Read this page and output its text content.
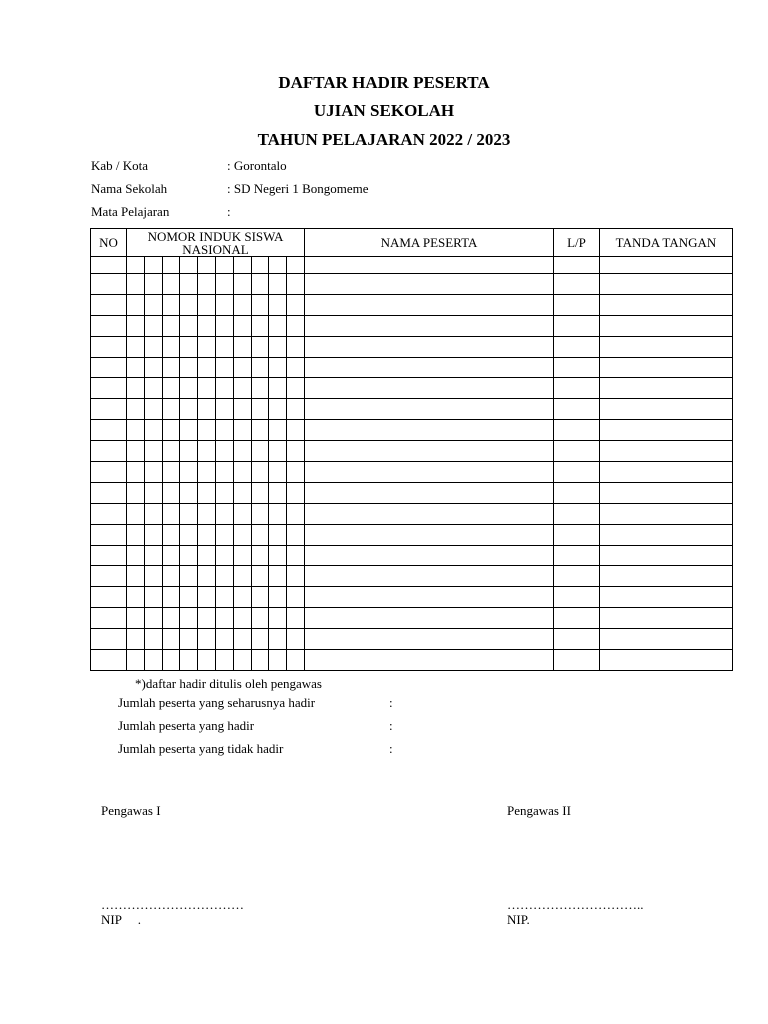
DAFTAR HADIR PESERTA
UJIAN SEKOLAH
TAHUN PELAJARAN 2022 / 2023
Kab / Kota	: Gorontalo
Nama Sekolah	: SD Negeri 1 Bongomeme
Mata Pelajaran	:
NO	NOMOR INDUK SISWA NASIONAL										NAMA PESERTA	L/P	TANDA TANGAN

*)daftar hadir ditulis oleh pengawas
Jumlah peserta yang seharusnya hadir	:
Jumlah peserta yang hadir	:
Jumlah peserta yang tidak hadir	:
Pengawas I	Pengawas II
……………………………	…………………………..
NIP     .	NIP.
